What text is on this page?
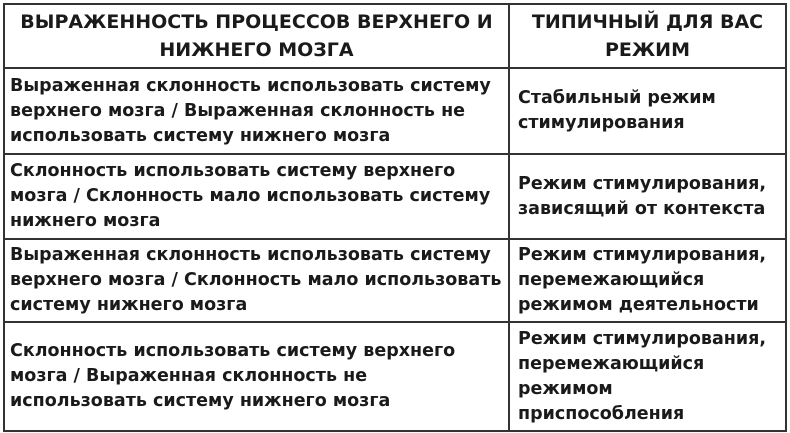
ВЫРАЖЕННОСТЬ ПРОЦЕССОВ ВЕРХНЕГО И НИЖНЕГО МОЗГА	ТИПИЧНЫЙ ДЛЯ ВАС РЕЖИМ
Выраженная склонность использовать систему верхнего мозга / Выраженная склонность не использовать систему нижнего мозга	Стабильный режим стимулирования
Склонность использовать систему верхнего мозга / Склонность мало использовать систему нижнего мозга	Режим стимулирования, зависящий от контекста
Выраженная склонность использовать систему верхнего мозга / Склонность мало использовать систему нижнего мозга	Режим стимулирования, перемежающийся режимом деятельности
Склонность использовать систему верхнего мозга / Выраженная склонность не использовать систему нижнего мозга	Режим стимулирования, перемежающийся режимом приспособления
